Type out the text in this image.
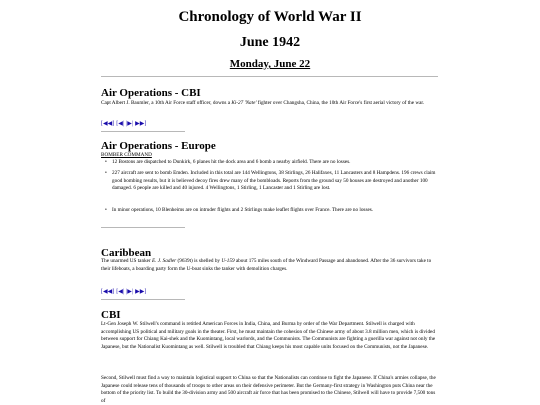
Chronology of World War II
June 1942
Monday, June 22
Air Operations - CBI
Capt Albert J. Baumler, a 10th Air Force staff officer, downs a Ki-27 'Nate' fighter over Changsha, China, the 10th Air Force's first aerial victory of the war.
[◀◀] [◀| |▶| ▶▶]
Air Operations - Europe
BOMBER COMMAND
• 12 Bostons are dispatched to Dunkirk, 6 planes hit the dock area and 6 bomb a nearby airfield. There are no losses.
• 227 aircraft are sent to bomb Emden. Included in this total are 144 Wellingtons, 38 Stirlings, 26 Halifaxes, 11 Lancasters and 8 Hampdens. 196 crews claim good bombing results, but it is believed decoy fires drew many of the bombloads. Reports from the ground say 50 houses are destroyed and another 100 damaged. 6 people are killed and 40 injured. 4 Wellingtons, 1 Stirling, 1 Lancaster and 1 Stirling are lost.
• In minor operations, 10 Blenheims are on intruder flights and 2 Stirlings make leaflet flights over France. There are no losses.
Caribbean
The unarmed US tanker E. J. Sadler (9639t) is shelled by U-159 about 175 miles south of the Windward Passage and abandoned. After the 36 survivors take to their lifeboats, a boarding party form the U-boat sinks the tanker with demolition charges.
[◀◀] [◀| |▶| ▶▶]
CBI
Lt-Gen Joseph W. Stilwell's command is retitled American Forces in India, China, and Burma by order of the War Department. Stilwell is charged with accomplishing US political and military goals in the theater. First, he must maintain the cohesion of the Chinese army of about 3.8 million men, which is divided between support for Chiang Kai-shek and the Kuomintang, local warlords, and the Communists. The Communists are fighting a guerilla war against not only the Japanese, but the Nationalist Kuomintang as well. Stilwell is troubled that Chiang keeps his most capable units focused on the Communists, not the Japanese.
Second, Stilwell must find a way to maintain logistical support to China so that the Nationalists can continue to fight the Japanese. If China's armies collapse, the Japanese could release tens of thousands of troops to other areas on their defensive perimeter. But the Germany-first strategy in Washington puts China near the bottom of the priority list. To build the 30-division army and 500 aircraft air force that has been promised to the Chinese, Stilwell will have to provide 7,500 tons of
